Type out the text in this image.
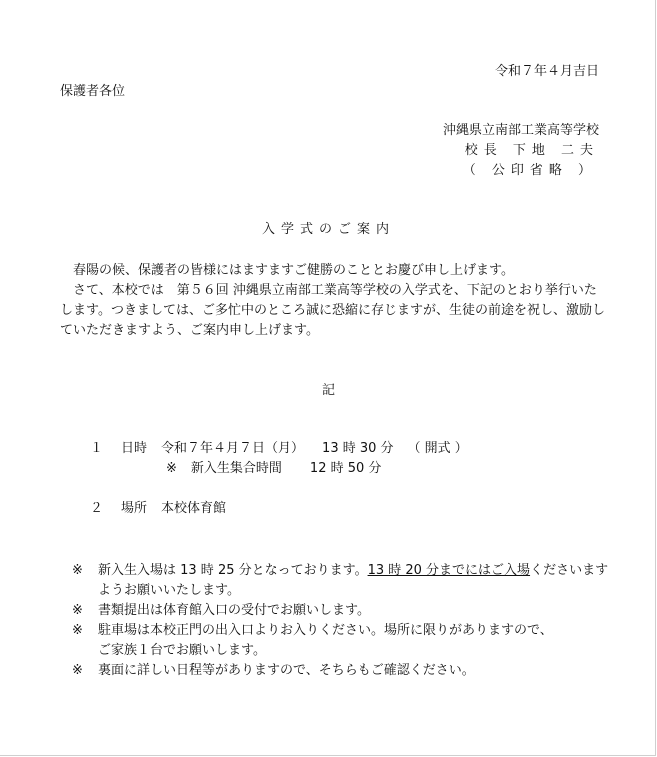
令和７年４月吉日
保護者各位
沖縄県立南部工業高等学校
校長 下地 二夫
（ 公印省略 ）
入学式のご案内

春陽の候、保護者の皆様にはますますご健勝のこととお慶び申し上げます。

さて、本校では　第５６回 沖縄県立南部工業高等学校の入学式を、下記のとおり挙行いたします。つきましては、ご多忙中のところ誠に恐縮に存じますが、生徒の前途を祝し、激励していただきますよう、ご案内申し上げます。

記
１ 日時 令和７年４月７日（月） 13 時 30 分 （ 開式 ）
※ 新入生集合時間 12 時 50 分
２ 場所 本校体育館
※	新入生入場は 13 時 25 分となっております。13 時 20 分までにはご入場くださいますようお願いいたします。
※	書類提出は体育館入口の受付でお願いします。
※	駐車場は本校正門の出入口よりお入りください。場所に限りがありますので、
ご家族１台でお願いします。
※	裏面に詳しい日程等がありますので、そちらもご確認ください。
